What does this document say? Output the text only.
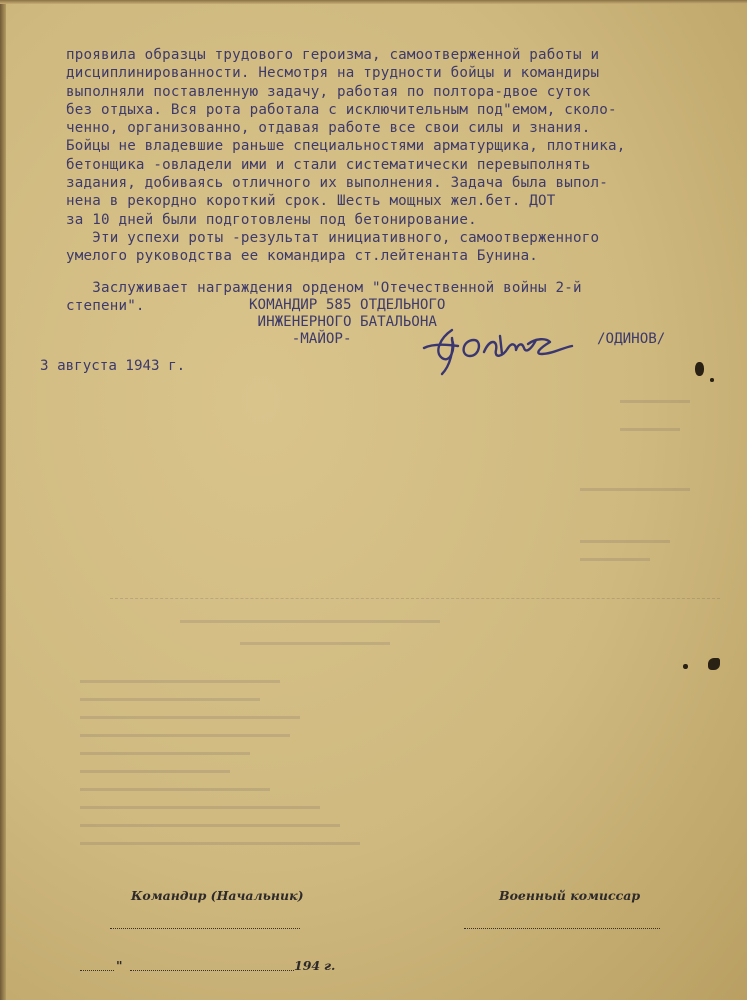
проявила образцы трудового героизма, самоотверженной работы и

дисциплинированности. Несмотря на трудности бойцы и командиры

выполняли поставленную задачу, работая по полтора-двое суток

без отдыха. Вся рота работала с исключительным под"емом, сколо-

ченно, организованно, отдавая работе все свои силы и знания.

Бойцы не владевшие раньше специальностями арматурщика, плотника,

бетонщика -овладели ими и стали систематически перевыполнять

задания, добиваясь отличного их выполнения. Задача была выпол-

нена в рекордно короткий срок. Шесть мощных жел.бет. ДОТ

за 10 дней были подготовлены под бетонирование.

Эти успехи роты -результат инициативного, самоотверженного

умелого руководства ее командира ст.лейтенанта Бунина.

Заслуживает награждения орденом "Отечественной войны 2-й

степени".	КОМАНДИР 585 ОТДЕЛЬНОГО
ИНЖЕНЕРНОГО БАТАЛЬОНА
-МАЙОР-	/ОДИНОВ/
3 августа 1943 г.
Командир (Начальник)	Военный комиссар
"	194 г.
